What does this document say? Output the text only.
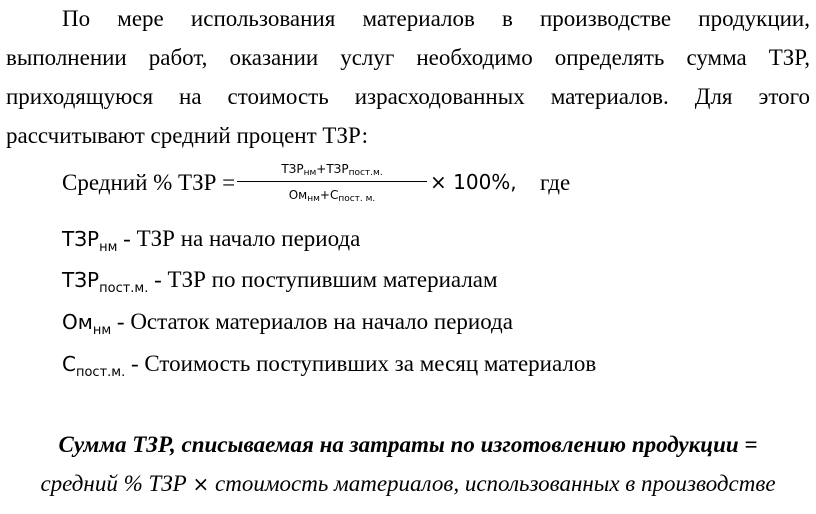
По мере использования материалов в производстве продукции,
выполнении работ, оказании услуг необходимо определять сумма ТЗР,
приходящуюся на стоимость израсходованных материалов. Для этого
рассчитывают средний процент ТЗР:
Средний % ТЗР =
$ТЗР_{нм}+ТЗР_{пост.м.}$
$Ом_{нм}+С_{пост. м.}$
× 100%, где
$ТЗР_{нм}$ - ТЗР на начало периода
$ТЗР_{пост.м.}$ - ТЗР по поступившим материалам
$Ом_{нм}$ - Остаток материалов на начало периода
$С_{пост.м.}$ - Стоимость поступивших за месяц материалов
Сумма ТЗР, списываемая на затраты по изготовлению продукции =
средний % ТЗР × стоимость материалов, использованных в производстве
